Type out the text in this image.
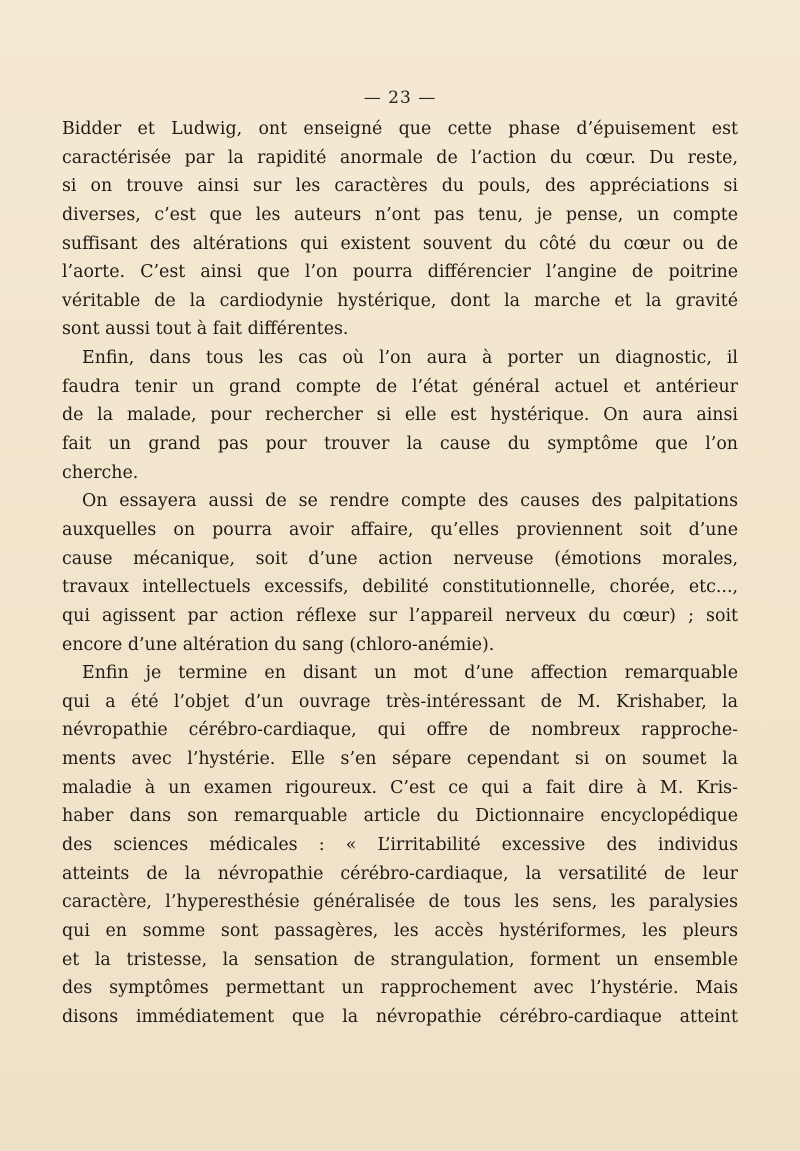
— 23 —
Bidder et Ludwig, ont enseigné que cette phase d’épuisement est
caractérisée par la rapidité anormale de l’action du cœur. Du reste,
si on trouve ainsi sur les caractères du pouls, des appréciations si
diverses, c’est que les auteurs n’ont pas tenu, je pense, un compte
suffisant des altérations qui existent souvent du côté du cœur ou de
l’aorte. C’est ainsi que l’on pourra différencier l’angine de poitrine
véritable de la cardiodynie hystérique, dont la marche et la gravité
sont aussi tout à fait différentes.
Enfin, dans tous les cas où l’on aura à porter un diagnostic, il
faudra tenir un grand compte de l’état général actuel et antérieur
de la malade, pour rechercher si elle est hystérique. On aura ainsi
fait un grand pas pour trouver la cause du symptôme que l’on
cherche.
On essayera aussi de se rendre compte des causes des palpitations
auxquelles on pourra avoir affaire, qu’elles proviennent soit d’une
cause mécanique, soit d’une action nerveuse (émotions morales,
travaux intellectuels excessifs, debilité constitutionnelle, chorée, etc...,
qui agissent par action réflexe sur l’appareil nerveux du cœur) ; soit
encore d’une altération du sang (chloro-anémie).
Enfin je termine en disant un mot d’une affection remarquable
qui a été l’objet d’un ouvrage très-intéressant de M. Krishaber, la
névropathie cérébro-cardiaque, qui offre de nombreux rapproche-
ments avec l’hystérie. Elle s’en sépare cependant si on soumet la
maladie à un examen rigoureux. C’est ce qui a fait dire à M. Kris-
haber dans son remarquable article du Dictionnaire encyclopédique
des sciences médicales : « L’irritabilité excessive des individus
atteints de la névropathie cérébro-cardiaque, la versatilité de leur
caractère, l’hyperesthésie généralisée de tous les sens, les paralysies
qui en somme sont passagères, les accès hystériformes, les pleurs
et la tristesse, la sensation de strangulation, forment un ensemble
des symptômes permettant un rapprochement avec l’hystérie. Mais
disons immédiatement que la névropathie cérébro-cardiaque atteint
